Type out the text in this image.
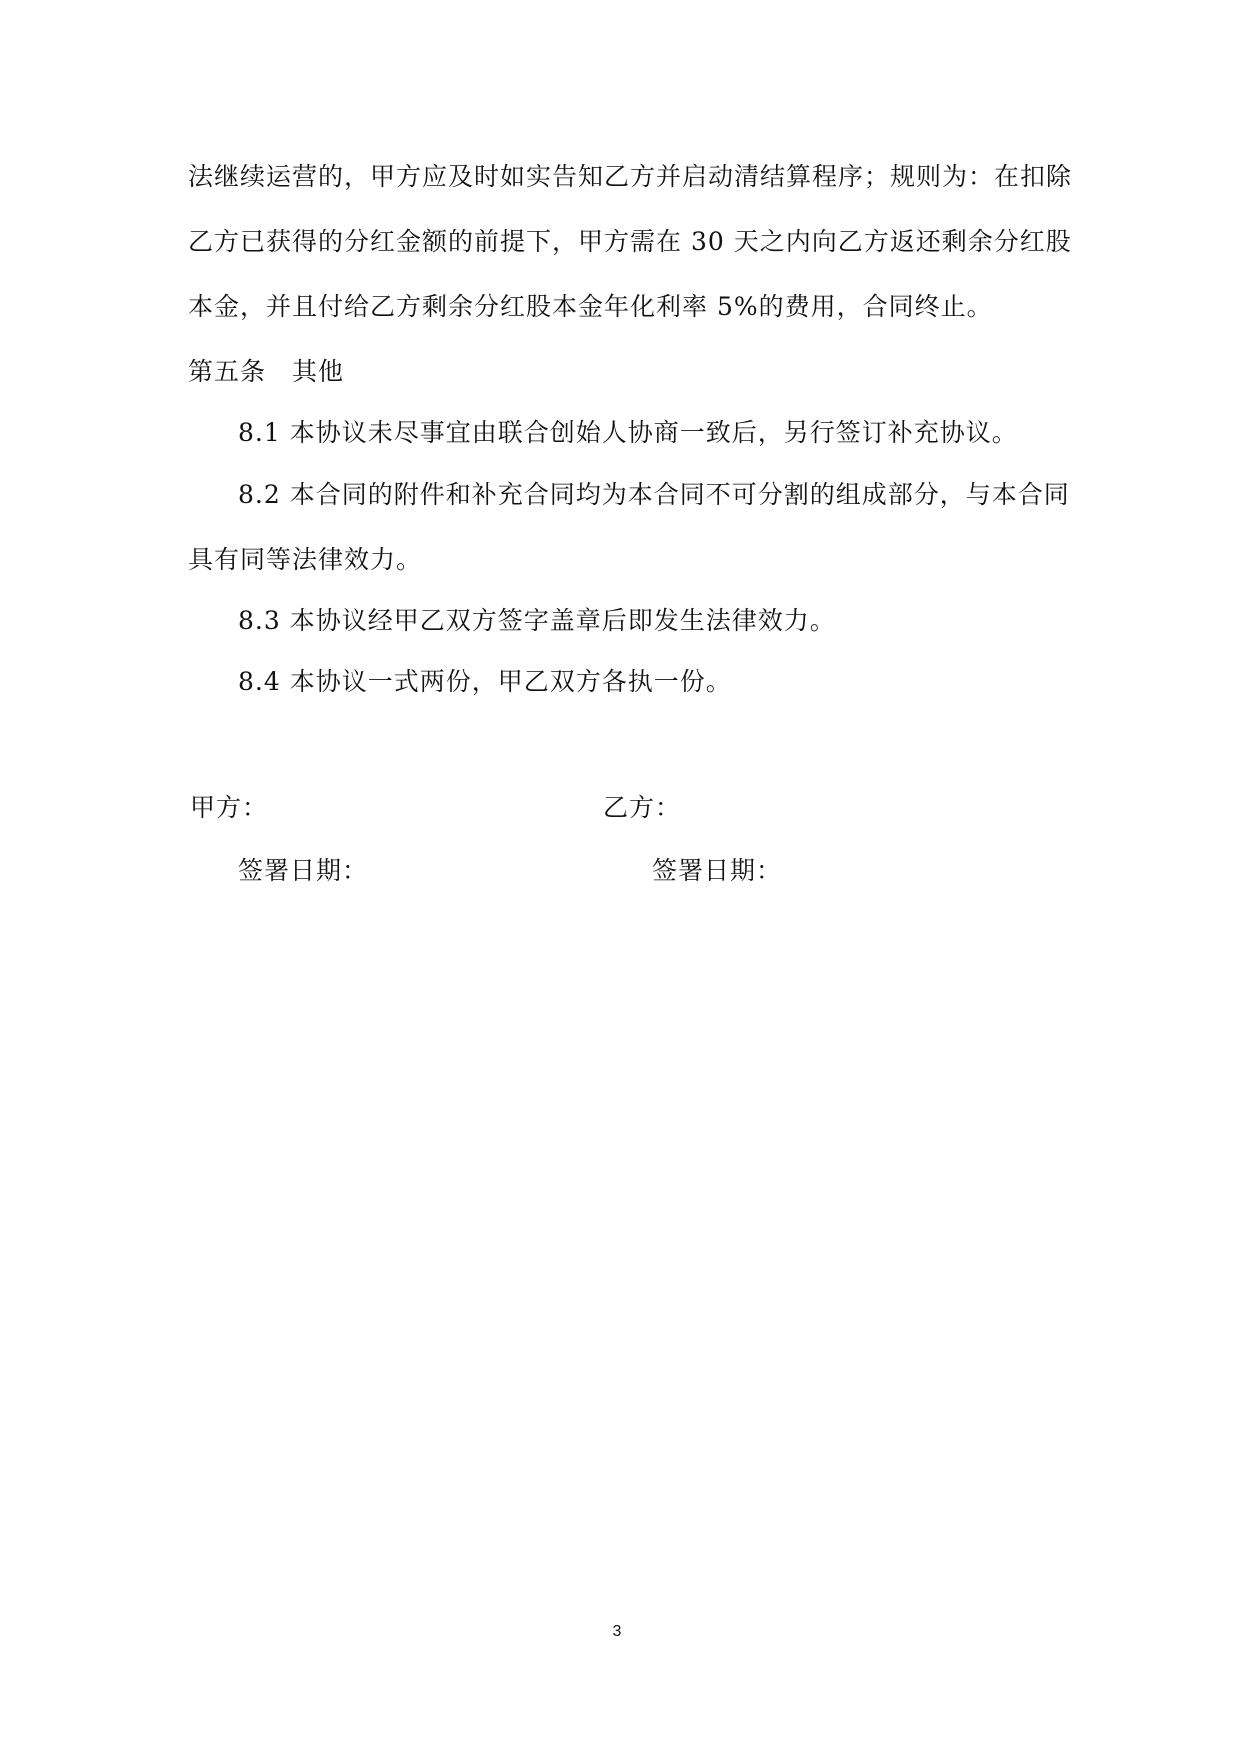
法继续运营的，甲方应及时如实告知乙方并启动清结算程序；规则为：在扣除
乙方已获得的分红金额的前提下，甲方需在 30 天之内向乙方返还剩余分红股
本金，并且付给乙方剩余分红股本金年化利率 5%的费用，合同终止。
第五条　其他
8.1 本协议未尽事宜由联合创始人协商一致后，另行签订补充协议。
8.2 本合同的附件和补充合同均为本合同不可分割的组成部分，与本合同
具有同等法律效力。
8.3 本协议经甲乙双方签字盖章后即发生法律效力。
8.4 本协议一式两份，甲乙双方各执一份。
甲方：	乙方：
签署日期：	签署日期：
3
